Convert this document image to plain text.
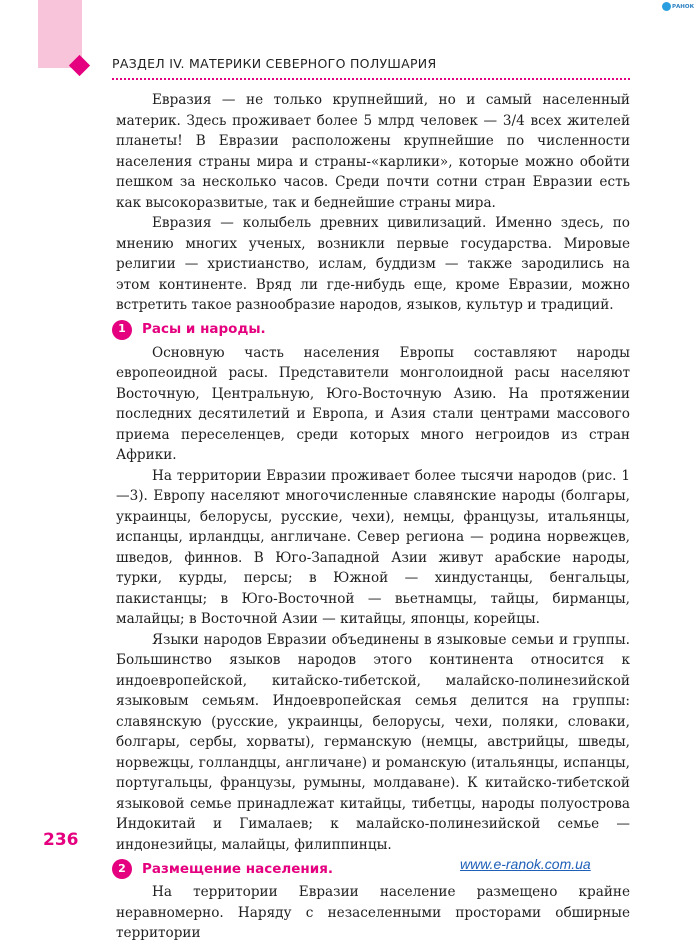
РАЗДЕЛ IV. МАТЕРИКИ СЕВЕРНОГО ПОЛУШАРИЯ
РАНОК

Евразия — не только крупнейший, но и самый населенный материк. Здесь проживает более 5 млрд человек — 3/4 всех жителей планеты! В Евразии расположены крупнейшие по численности населения страны мира и страны-«карлики», которые можно обойти пешком за несколько часов. Среди почти сотни стран Евразии есть как высокоразвитые, так и беднейшие страны мира.

Евразия — колыбель древних цивилизаций. Именно здесь, по мнению многих ученых, возникли первые государства. Мировые религии — христианство, ислам, буддизм — также зародились на этом континенте. Вряд ли где-нибудь еще, кроме Евразии, можно встретить такое разнообразие народов, языков, культур и традиций.

1	Расы и народы.

Основную часть населения Европы составляют народы европеоидной расы. Представители монголоидной расы населяют Восточную, Центральную, Юго-Восточную Азию. На протяжении последних десятилетий и Европа, и Азия стали центрами массового приема переселенцев, среди которых много негроидов из стран Африки.

На территории Евразии проживает более тысячи народов (рис. 1—3). Европу населяют многочисленные славянские народы (болгары, украинцы, белорусы, русские, чехи), немцы, французы, итальянцы, испанцы, ирландцы, англичане. Север региона — родина норвежцев, шведов, финнов. В Юго-Западной Азии живут арабские народы, турки, курды, персы; в Южной — хиндустанцы, бенгальцы, пакистанцы; в Юго-Восточной — вьетнамцы, тайцы, бирманцы, малайцы; в Восточной Азии — китайцы, японцы, корейцы.

Языки народов Евразии объединены в языковые семьи и группы. Большинство языков народов этого континента относится к индоевропейской, китайско-тибетской, малайско-полинезийской языковым семьям. Индоевропейская семья делится на группы: славянскую (русские, украинцы, белорусы, чехи, поляки, словаки, болгары, сербы, хорваты), германскую (немцы, австрийцы, шведы, норвежцы, голландцы, англичане) и романскую (итальянцы, испанцы, португальцы, французы, румыны, молдаване). К китайско-тибетской языковой семье принадлежат китайцы, тибетцы, народы полуострова Индокитай и Гималаев; к малайско-полинезийской семье — индонезийцы, малайцы, филиппинцы.

2	Размещение населения.

На территории Евразии население размещено крайне неравномерно. Наряду с незаселенными просторами обширные территории

236
www.e-ranok.com.ua
